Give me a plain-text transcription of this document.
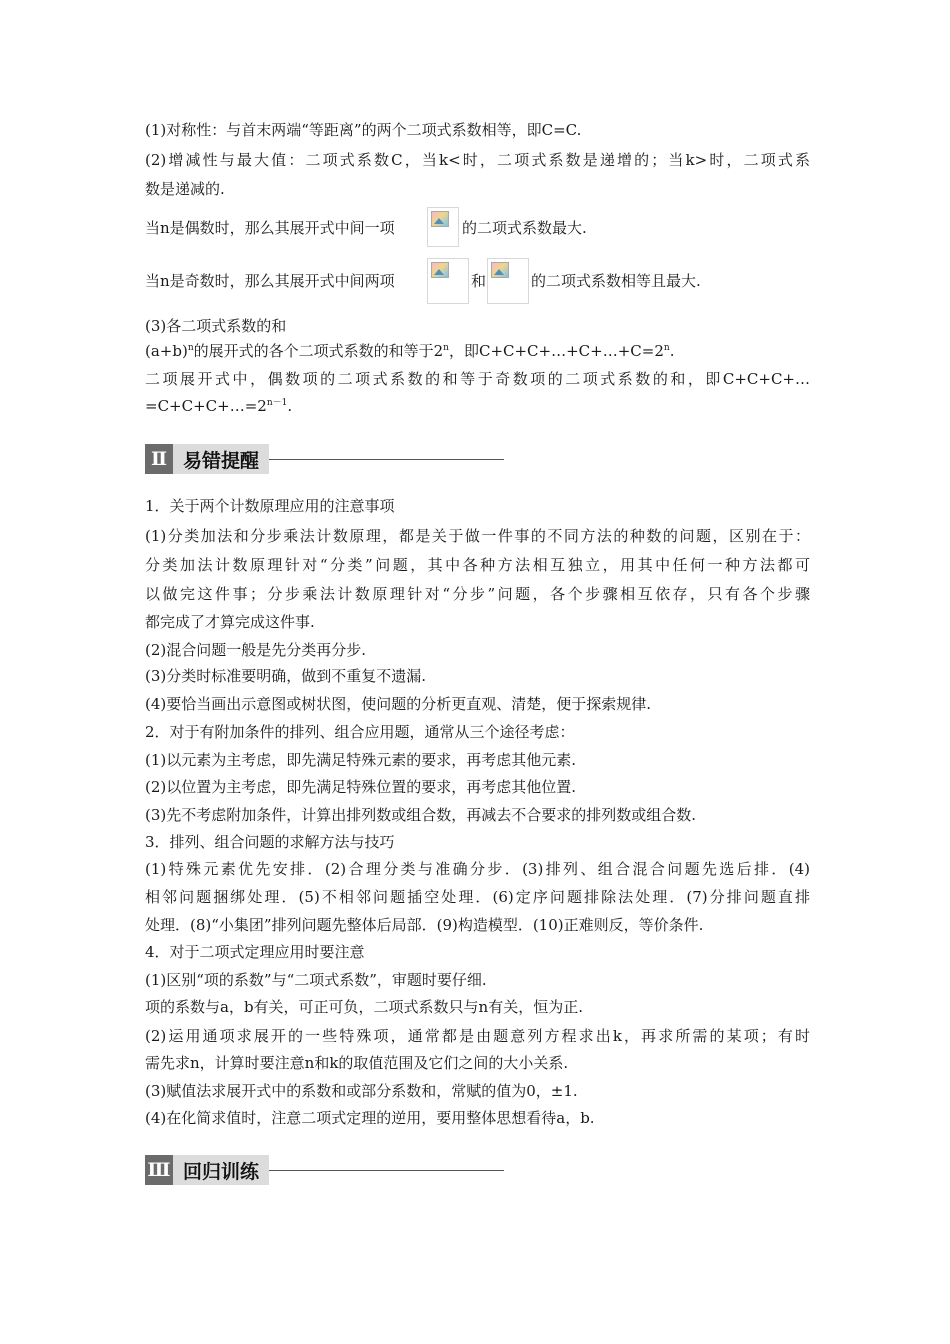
(1)对称性：与首末两端“等距离”的两个二项式系数相等，即C=C.
(2)增减性与最大值：二项式系数C，当k<时，二项式系数是递增的；当k>时，二项式系
数是递减的.
当n是偶数时，那么其展开式中间一项	的二项式系数最大.
当n是奇数时，那么其展开式中间两项	和	的二项式系数相等且最大.
(3)各二项式系数的和
$(a+b)^n$的展开式的各个二项式系数的和等于2$^n$，即$C+C+C+\dots+C+\dots+C=2^n$.
二项展开式中，偶数项的二项式系数的和等于奇数项的二项式系数的和，即C+C+C+…
$=C+C+C+\dots=2^{n-1}$.
Ⅱ 易错提醒
1．关于两个计数原理应用的注意事项
(1)分类加法和分步乘法计数原理，都是关于做一件事的不同方法的种数的问题，区别在于：
分类加法计数原理针对“分类”问题，其中各种方法相互独立，用其中任何一种方法都可
以做完这件事；分步乘法计数原理针对“分步”问题，各个步骤相互依存，只有各个步骤
都完成了才算完成这件事.
(2)混合问题一般是先分类再分步.
(3)分类时标准要明确，做到不重复不遗漏.
(4)要恰当画出示意图或树状图，使问题的分析更直观、清楚，便于探索规律.
2．对于有附加条件的排列、组合应用题，通常从三个途径考虑：
(1)以元素为主考虑，即先满足特殊元素的要求，再考虑其他元素.
(2)以位置为主考虑，即先满足特殊位置的要求，再考虑其他位置.
(3)先不考虑附加条件，计算出排列数或组合数，再减去不合要求的排列数或组合数.
3．排列、组合问题的求解方法与技巧
(1)特殊元素优先安排．(2)合理分类与准确分步．(3)排列、组合混合问题先选后排．(4)
相邻问题捆绑处理．(5)不相邻问题插空处理．(6)定序问题排除法处理．(7)分排问题直排
处理．(8)“小集团”排列问题先整体后局部．(9)构造模型．(10)正难则反，等价条件.
4．对于二项式定理应用时要注意
(1)区别“项的系数”与“二项式系数”，审题时要仔细.
项的系数与a，b有关，可正可负，二项式系数只与n有关，恒为正.
(2)运用通项求展开的一些特殊项，通常都是由题意列方程求出k，再求所需的某项；有时
需先求n，计算时要注意n和k的取值范围及它们之间的大小关系.
(3)赋值法求展开式中的系数和或部分系数和，常赋的值为0，±1.
(4)在化简求值时，注意二项式定理的逆用，要用整体思想看待a，b.
Ⅲ 回归训练
